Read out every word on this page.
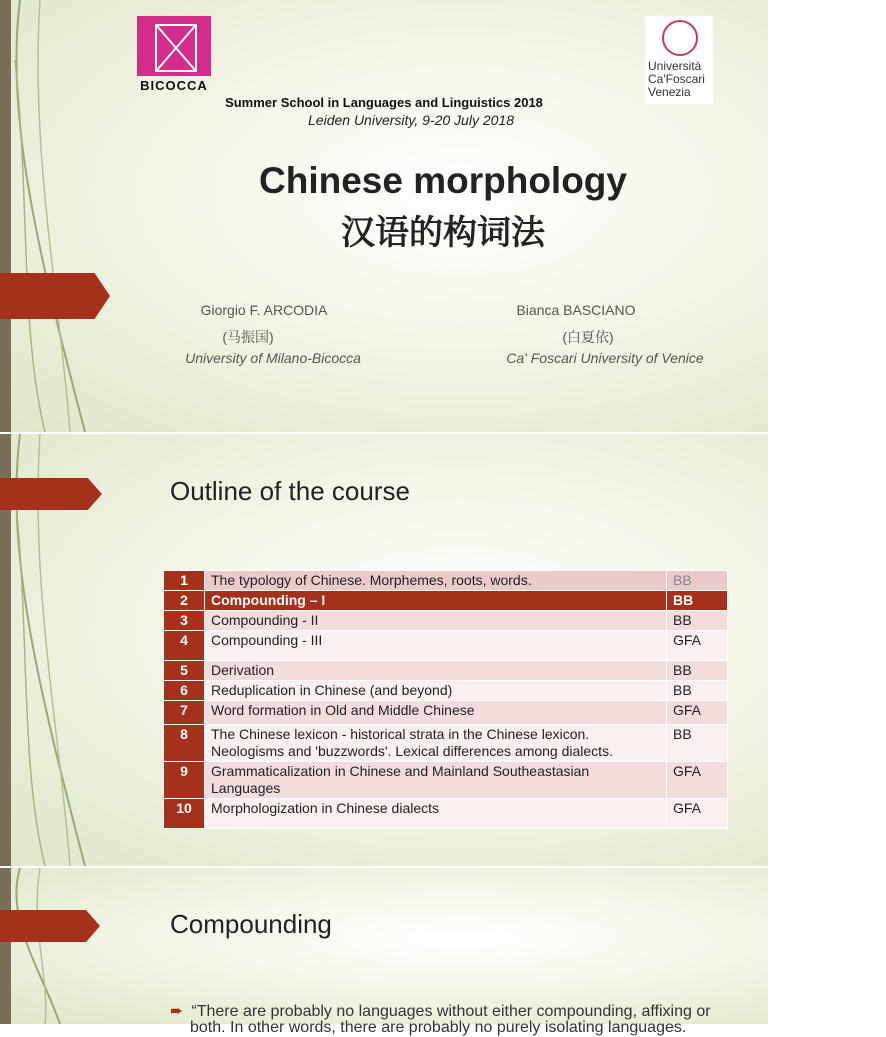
BICOCCA
Università
Ca'Foscari
Venezia
Summer School in Languages and Linguistics 2018
Leiden University, 9-20 July 2018
Chinese morphology
汉语的构词法
Giorgio F. ARCODIA
(马振国)
University of Milano-Bicocca
Bianca BASCIANO
(白夏依)
Ca' Foscari University of Venice
Outline of the course
1	The typology of Chinese. Morphemes, roots, words.	BB
2	Compounding – I	BB
3	Compounding - II	BB
4	Compounding - III	GFA
5	Derivation	BB
6	Reduplication in Chinese (and beyond)	BB
7	Word formation in Old and Middle Chinese	GFA
8	The Chinese lexicon - historical strata in the Chinese lexicon. Neologisms and 'buzzwords'. Lexical differences among dialects.	BB
9	Grammaticalization in Chinese and Mainland Southeastasian Languages	GFA
10	Morphologization in Chinese dialects	GFA
Compounding
➨ “There are probably no languages without either compounding, affixing or
both. In other words, there are probably no purely isolating languages.
